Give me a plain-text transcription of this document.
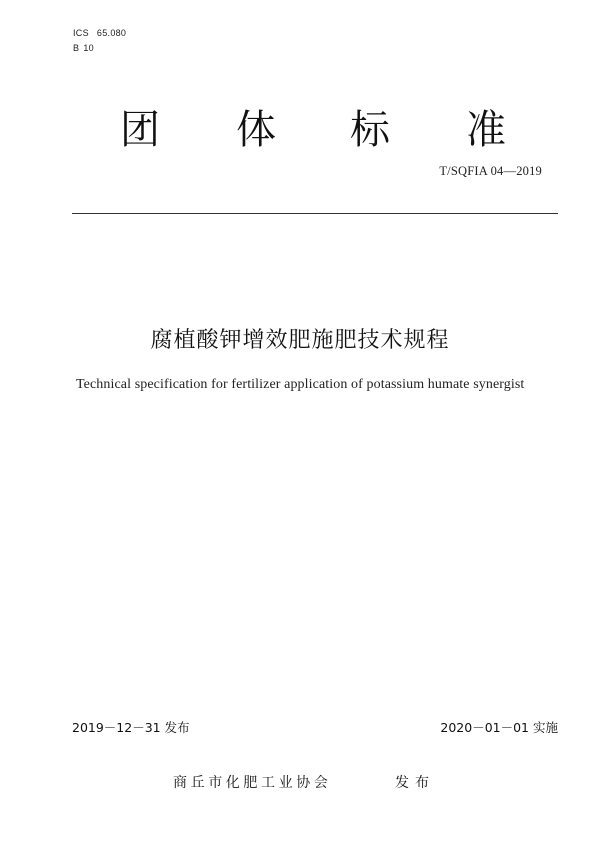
ICS 65.080
B 10
团 体 标 准
T/SQFIA 04—2019
腐植酸钾增效肥施肥技术规程
Technical specification for fertilizer application of potassium humate synergist
2019－12－31 发布	2020－01－01 实施
商丘市化肥工业协会	发布
